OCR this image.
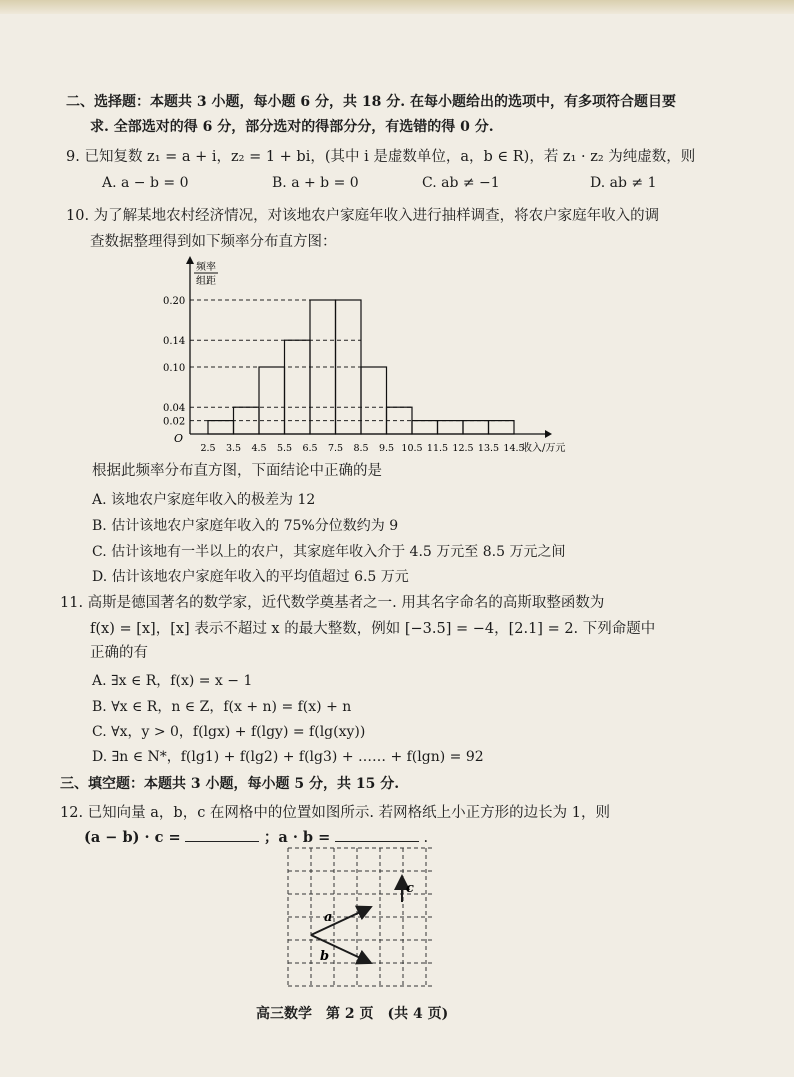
二、选择题：本题共 3 小题，每小题 6 分，共 18 分. 在每小题给出的选项中，有多项符合题目要
求. 全部选对的得 6 分，部分选对的得部分分，有选错的得 0 分.
9. 已知复数 z₁ = a + i，z₂ = 1 + bi，(其中 i 是虚数单位，a，b ∈ R)，若 z₁ · z₂ 为纯虚数，则
A. a − b = 0	B. a + b = 0	C. ab ≠ −1	D. ab ≠ 1
10. 为了解某地农村经济情况，对该地农户家庭年收入进行抽样调查，将农户家庭年收入的调
查数据整理得到如下频率分布直方图：
0.20
0.14
0.10
0.04
0.02
2.5 3.5 4.5 5.5 6.5 7.5 8.5 9.5 10.5 11.5 12.5 13.5 14.5
O
收入/万元
频率
组距
根据此频率分布直方图，下面结论中正确的是
A. 该地农户家庭年收入的极差为 12
B. 估计该地农户家庭年收入的 75%分位数约为 9
C. 估计该地有一半以上的农户，其家庭年收入介于 4.5 万元至 8.5 万元之间
D. 估计该地农户家庭年收入的平均值超过 6.5 万元
11. 高斯是德国著名的数学家，近代数学奠基者之一. 用其名字命名的高斯取整函数为
f(x) = [x]，[x] 表示不超过 x 的最大整数，例如 [−3.5] = −4，[2.1] = 2. 下列命题中
正确的有
A. ∃x ∈ R，f(x) = x − 1
B. ∀x ∈ R，n ∈ Z，f(x + n) = f(x) + n
C. ∀x，y > 0，f(lgx) + f(lgy) = f(lg(xy))
D. ∃n ∈ N*，f(lg1) + f(lg2) + f(lg3) + …… + f(lgn) = 92
三、填空题：本题共 3 小题，每小题 5 分，共 15 分.
12. 已知向量 a，b，c 在网格中的位置如图所示. 若网格纸上小正方形的边长为 1，则
(a − b) · c =	；a · b =	.
a
b
c
高三数学　第 2 页　(共 4 页)
